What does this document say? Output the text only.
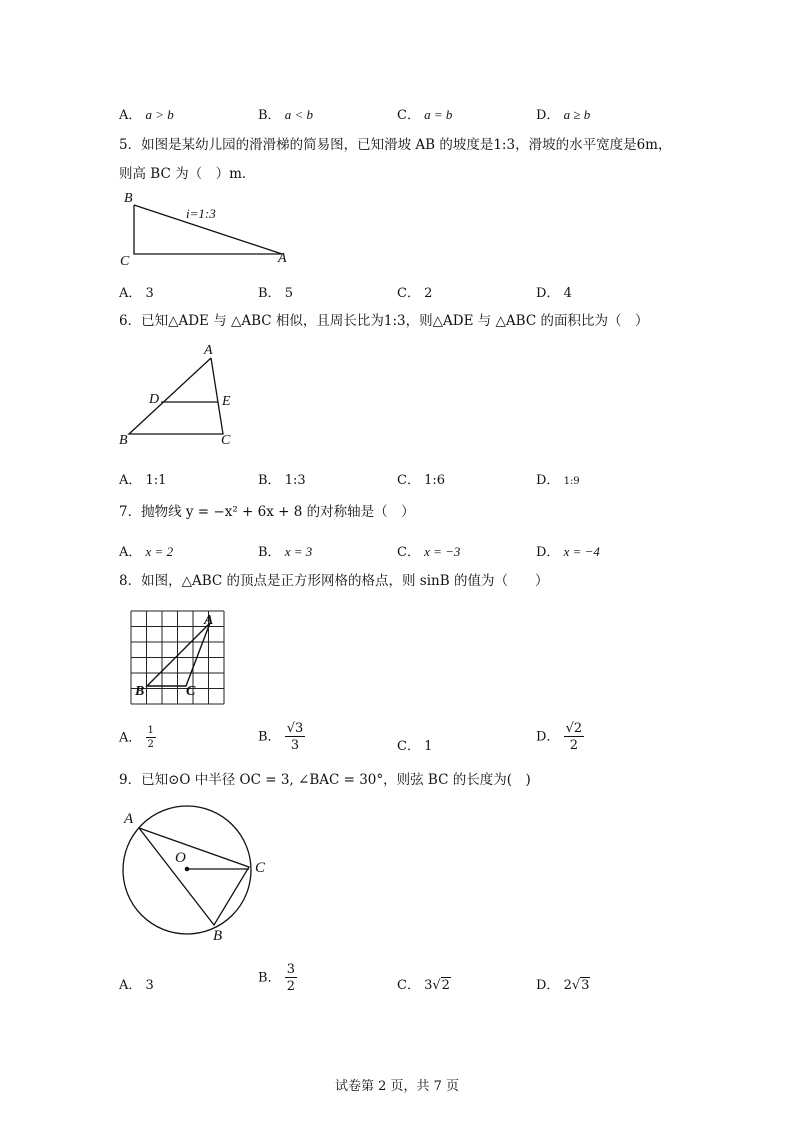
A． a > b	B． a < b	C． a = b	D． a ≥ b
5．如图是某幼儿园的滑滑梯的简易图，已知滑坡 AB 的坡度是1:3，滑坡的水平宽度是6m，
则高 BC 为（　）m．
B
C	A
i=1:3
A． 3	B． 5	C． 2	D． 4
6．已知△ADE 与 △ABC 相似，且周长比为1:3，则△ADE 与 △ABC 的面积比为（　）
A
D	E
B	C
A． 1:1	B． 1:3	C． 1:6	D． 1:9
7．抛物线 y = −x² + 6x + 8 的对称轴是（　）
A． x = 2	B． x = 3	C． x = −3	D． x = −4
8．如图，△ABC 的顶点是正方形网格的格点，则 sinB 的值为（　　）
A
B	C
A． $\frac{1}{2}$	B． $\frac{√3}{3}$	C． 1
D． $\frac{√2}{2}$
9．已知⊙O 中半径 OC = 3, ∠BAC = 30°，则弦 BC 的长度为(　)
A
O
C
B
A． 3	B． $\frac{3}{2}$	C． 3√2	D． 2√3
试卷第 2 页，共 7 页
